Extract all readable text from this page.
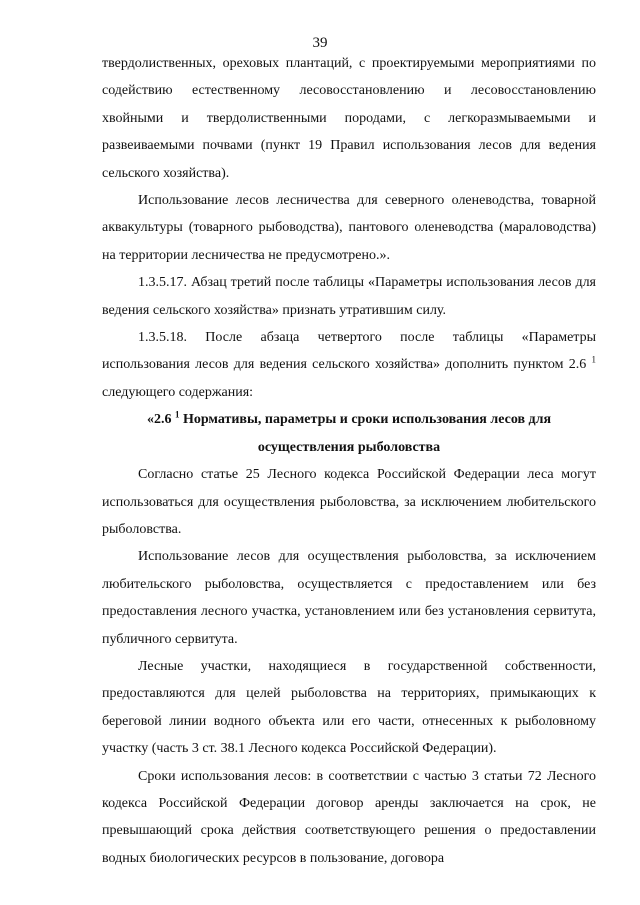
39

твердолиственных, ореховых плантаций, с проектируемыми мероприятиями по содействию естественному лесовосстановлению и лесовосстановлению хвойными и твердолиственными породами, с легкоразмываемыми и развеиваемыми почвами (пункт 19 Правил использования лесов для ведения сельского хозяйства).

Использование лесов лесничества для северного оленеводства, товарной аквакультуры (товарного рыбоводства), пантового оленеводства (мараловодства) на территории лесничества не предусмотрено.».

1.3.5.17. Абзац третий после таблицы «Параметры использования лесов для ведения сельского хозяйства» признать утратившим силу.

1.3.5.18. После абзаца четвертого после таблицы «Параметры использования лесов для ведения сельского хозяйства» дополнить пунктом 2.6 $^1$ следующего содержания:

«2.6 $^1$ Нормативы, параметры и сроки использования лесов для осуществления рыболовства

Согласно статье 25 Лесного кодекса Российской Федерации леса могут использоваться для осуществления рыболовства, за исключением любительского рыболовства.

Использование лесов для осуществления рыболовства, за исключением любительского рыболовства, осуществляется с предоставлением или без предоставления лесного участка, установлением или без установления сервитута, публичного сервитута.

Лесные участки, находящиеся в государственной собственности, предоставляются для целей рыболовства на территориях, примыкающих к береговой линии водного объекта или его части, отнесенных к рыболовному участку (часть 3 ст. 38.1 Лесного кодекса Российской Федерации).

Сроки использования лесов: в соответствии с частью 3 статьи 72 Лесного кодекса Российской Федерации договор аренды заключается на срок, не превышающий срока действия соответствующего решения о предоставлении водных биологических ресурсов в пользование, договора
